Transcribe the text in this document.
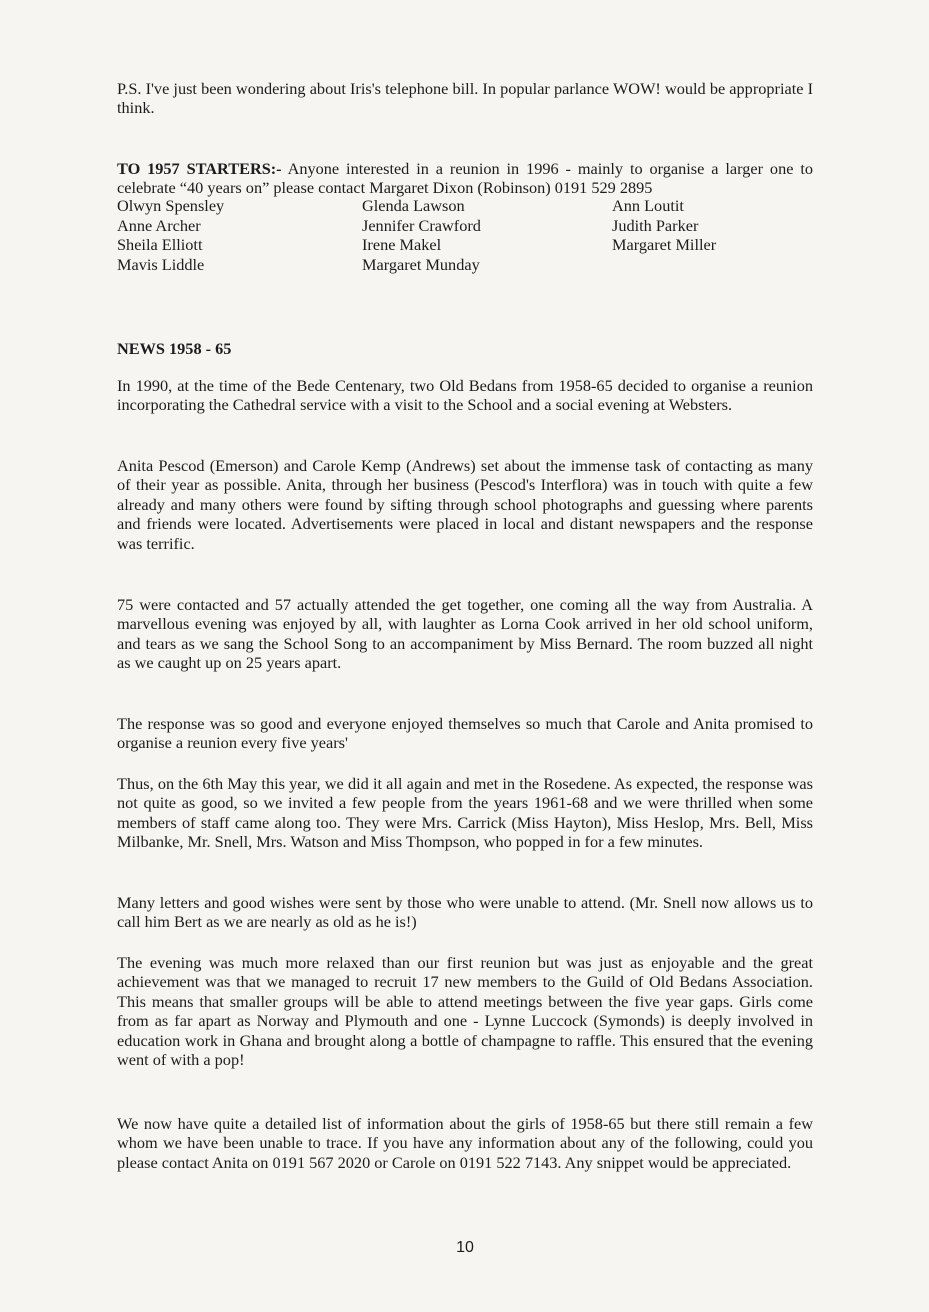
P.S. I've just been wondering about Iris's telephone bill. In popular parlance WOW! would be appropriate I think.

TO 1957 STARTERS:- Anyone interested in a reunion in 1996 - mainly to organise a larger one to celebrate “40 years on” please contact Margaret Dixon (Robinson) 0191 529 2895

Olwyn Spensley
Anne Archer
Sheila Elliott
Mavis Liddle
Glenda Lawson
Jennifer Crawford
Irene Makel
Margaret Munday
Ann Loutit
Judith Parker
Margaret Miller
NEWS 1958 - 65

In 1990, at the time of the Bede Centenary, two Old Bedans from 1958-65 decided to organise a reunion incorporating the Cathedral service with a visit to the School and a social evening at Websters.

Anita Pescod (Emerson) and Carole Kemp (Andrews) set about the immense task of contacting as many of their year as possible. Anita, through her business (Pescod's Interflora) was in touch with quite a few already and many others were found by sifting through school photographs and guessing where parents and friends were located. Advertisements were placed in local and distant newspapers and the response was terrific.

75 were contacted and 57 actually attended the get together, one coming all the way from Australia. A marvellous evening was enjoyed by all, with laughter as Lorna Cook arrived in her old school uniform, and tears as we sang the School Song to an accompaniment by Miss Bernard. The room buzzed all night as we caught up on 25 years apart.

The response was so good and everyone enjoyed themselves so much that Carole and Anita promised to organise a reunion every five years'

Thus, on the 6th May this year, we did it all again and met in the Rosedene. As expected, the response was not quite as good, so we invited a few people from the years 1961-68 and we were thrilled when some members of staff came along too. They were Mrs. Carrick (Miss Hayton), Miss Heslop, Mrs. Bell, Miss Milbanke, Mr. Snell, Mrs. Watson and Miss Thompson, who popped in for a few minutes.

Many letters and good wishes were sent by those who were unable to attend. (Mr. Snell now allows us to call him Bert as we are nearly as old as he is!)

The evening was much more relaxed than our first reunion but was just as enjoyable and the great achievement was that we managed to recruit 17 new members to the Guild of Old Bedans Association. This means that smaller groups will be able to attend meetings between the five year gaps. Girls come from as far apart as Norway and Plymouth and one - Lynne Luccock (Symonds) is deeply involved in education work in Ghana and brought along a bottle of champagne to raffle. This ensured that the evening went of with a pop!

We now have quite a detailed list of information about the girls of 1958-65 but there still remain a few whom we have been unable to trace. If you have any information about any of the following, could you please contact Anita on 0191 567 2020 or Carole on 0191 522 7143. Any snippet would be appreciated.

10
